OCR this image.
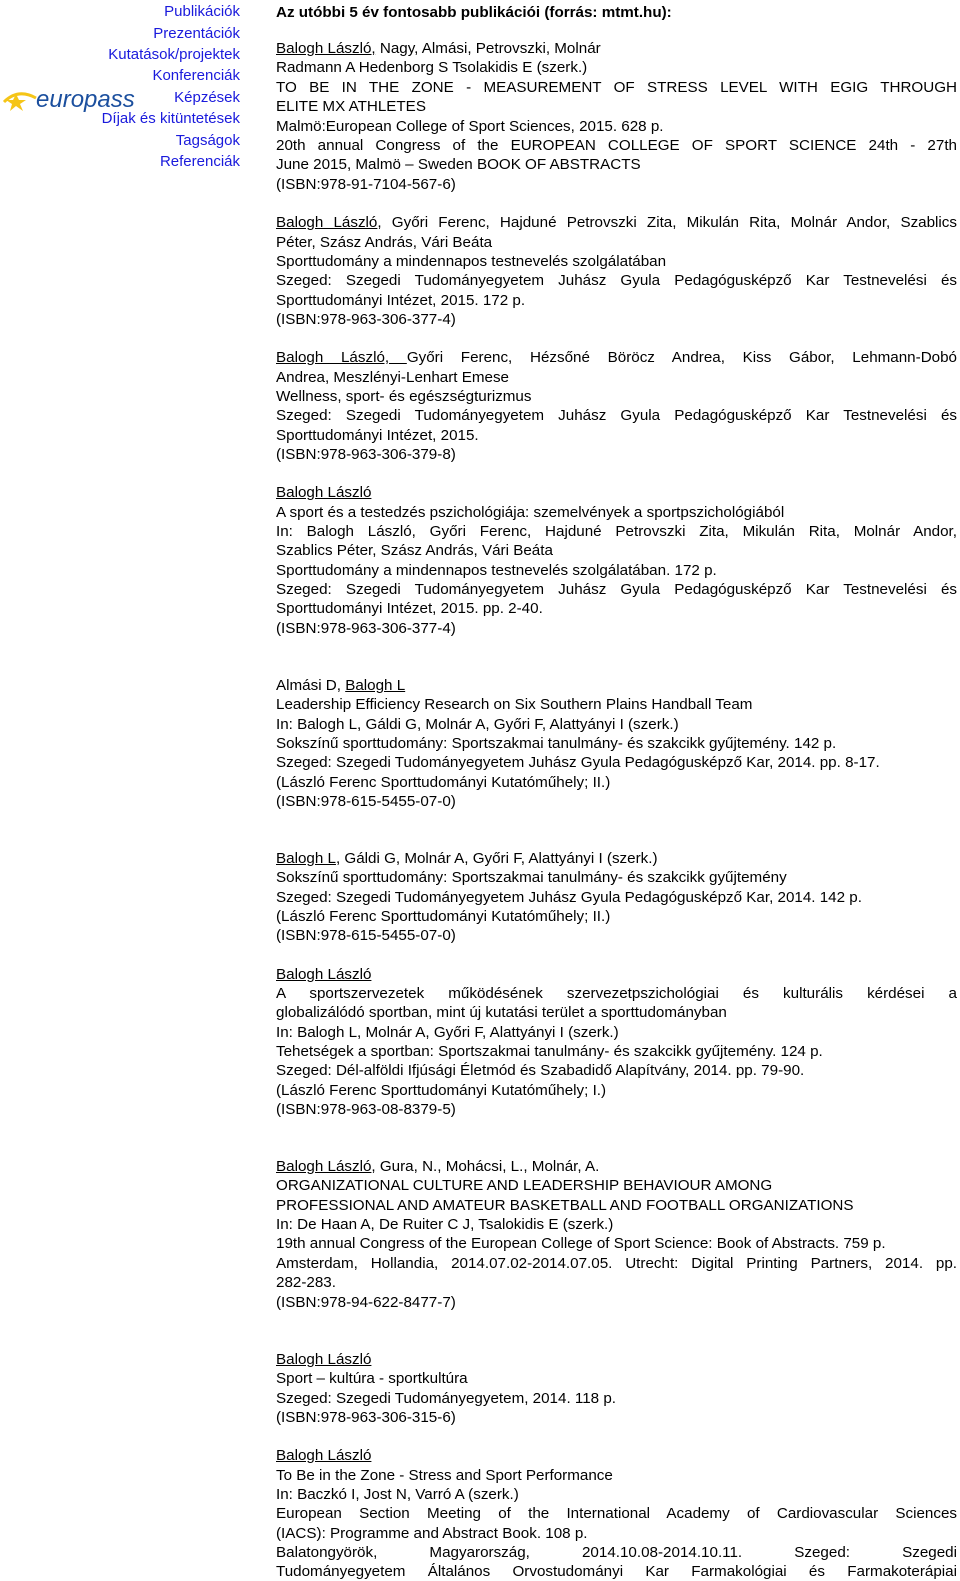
Publikációk
Prezentációk
Kutatások/projektek
Konferenciák
Képzések
Díjak és kitüntetések
Tagságok
Referenciák
europass
Az utóbbi 5 év fontosabb publikációi (forrás: mtmt.hu):
Balogh László, Nagy, Almási, Petrovszki, Molnár
Radmann A Hedenborg S Tsolakidis E (szerk.)
TO BE IN THE ZONE - MEASUREMENT OF STRESS LEVEL WITH EGIG THROUGH
ELITE MX ATHLETES
Malmö:European College of Sport Sciences, 2015. 628 p.
20th annual Congress of the EUROPEAN COLLEGE OF SPORT SCIENCE 24th - 27th
June 2015, Malmö – Sweden BOOK OF ABSTRACTS
(ISBN:978-91-7104-567-6)
Balogh László, Győri Ferenc, Hajduné Petrovszki Zita, Mikulán Rita, Molnár Andor, Szablics
Péter, Szász András, Vári Beáta
Sporttudomány a mindennapos testnevelés szolgálatában
Szeged: Szegedi Tudományegyetem Juhász Gyula Pedagógusképző Kar Testnevelési és
Sporttudományi Intézet, 2015. 172 p.
(ISBN:978-963-306-377-4)
Balogh László, Győri Ferenc, Hézsőné Böröcz Andrea, Kiss Gábor, Lehmann-Dobó
Andrea, Meszlényi-Lenhart Emese
Wellness, sport- és egészségturizmus
Szeged: Szegedi Tudományegyetem Juhász Gyula Pedagógusképző Kar Testnevelési és
Sporttudományi Intézet, 2015.
(ISBN:978-963-306-379-8)
Balogh László
A sport és a testedzés pszichológiája: szemelvények a sportpszichológiából
In: Balogh László, Győri Ferenc, Hajduné Petrovszki Zita, Mikulán Rita, Molnár Andor,
Szablics Péter, Szász András, Vári Beáta
Sporttudomány a mindennapos testnevelés szolgálatában. 172 p.
Szeged: Szegedi Tudományegyetem Juhász Gyula Pedagógusképző Kar Testnevelési és
Sporttudományi Intézet, 2015. pp. 2-40.
(ISBN:978-963-306-377-4)
Almási D, Balogh L
Leadership Efficiency Research on Six Southern Plains Handball Team
In: Balogh L, Gáldi G, Molnár A, Győri F, Alattyányi I (szerk.)
Sokszínű sporttudomány: Sportszakmai tanulmány- és szakcikk gyűjtemény. 142 p.
Szeged: Szegedi Tudományegyetem Juhász Gyula Pedagógusképző Kar, 2014. pp. 8-17.
(László Ferenc Sporttudományi Kutatóműhely; II.)
(ISBN:978-615-5455-07-0)
Balogh L, Gáldi G, Molnár A, Győri F, Alattyányi I (szerk.)
Sokszínű sporttudomány: Sportszakmai tanulmány- és szakcikk gyűjtemény
Szeged: Szegedi Tudományegyetem Juhász Gyula Pedagógusképző Kar, 2014. 142 p.
(László Ferenc Sporttudományi Kutatóműhely; II.)
(ISBN:978-615-5455-07-0)
Balogh László
A sportszervezetek működésének szervezetpszichológiai és kulturális kérdései a
globalizálódó sportban, mint új kutatási terület a sporttudományban
In: Balogh L, Molnár A, Győri F, Alattyányi I (szerk.)
Tehetségek a sportban: Sportszakmai tanulmány- és szakcikk gyűjtemény. 124 p.
Szeged: Dél-alföldi Ifjúsági Életmód és Szabadidő Alapítvány, 2014. pp. 79-90.
(László Ferenc Sporttudományi Kutatóműhely; I.)
(ISBN:978-963-08-8379-5)
Balogh László, Gura, N., Mohácsi, L., Molnár, A.
ORGANIZATIONAL CULTURE AND LEADERSHIP BEHAVIOUR AMONG
PROFESSIONAL AND AMATEUR BASKETBALL AND FOOTBALL ORGANIZATIONS
In: De Haan A, De Ruiter C J, Tsalokidis E (szerk.)
19th annual Congress of the European College of Sport Science: Book of Abstracts. 759 p.
Amsterdam, Hollandia, 2014.07.02-2014.07.05. Utrecht: Digital Printing Partners, 2014. pp.
282-283.
(ISBN:978-94-622-8477-7)
Balogh László
Sport – kultúra - sportkultúra
Szeged: Szegedi Tudományegyetem, 2014. 118 p.
(ISBN:978-963-306-315-6)
Balogh László
To Be in the Zone - Stress and Sport Performance
In: Baczkó I, Jost N, Varró A (szerk.)
European Section Meeting of the International Academy of Cardiovascular Sciences
(IACS): Programme and Abstract Book. 108 p.
Balatongyörök, Magyarország, 2014.10.08-2014.10.11. Szeged: Szegedi
Tudományegyetem Általános Orvostudományi Kar Farmakológiai és Farmakoterápiai
